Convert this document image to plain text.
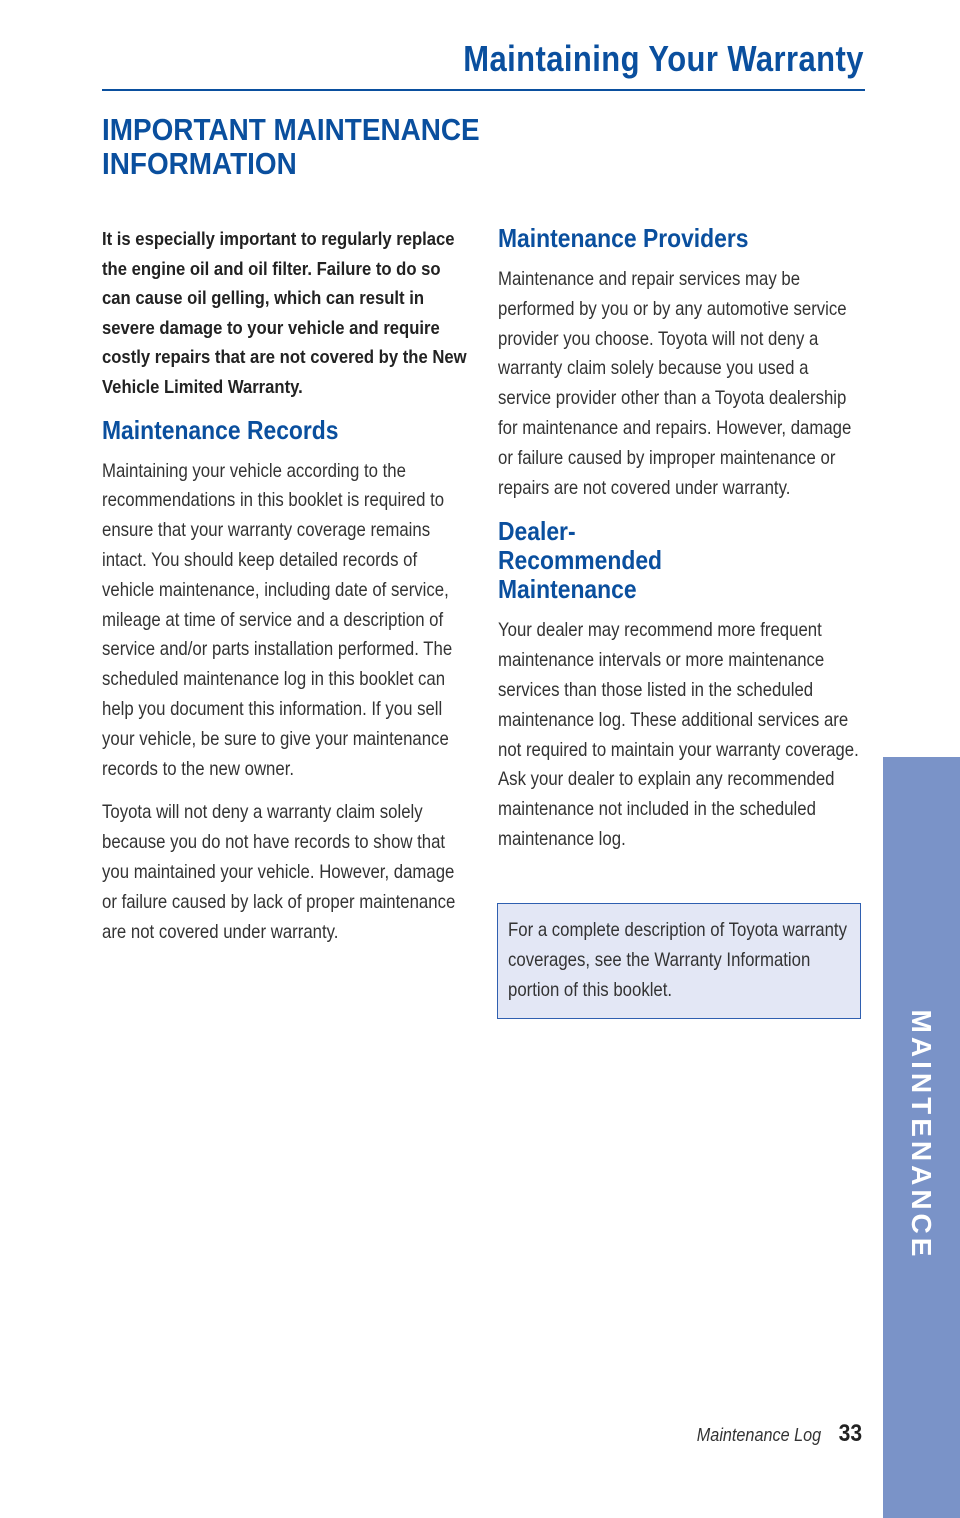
Maintaining Your Warranty
IMPORTANT MAINTENANCE
INFORMATION

It is especially important to regularly replace the engine oil and oil filter. Failure to do so can cause oil gelling, which can result in severe damage to your vehicle and require costly repairs that are not covered by the New Vehicle Limited Warranty.

Maintenance Records

Maintaining your vehicle according to the recommendations in this booklet is required to ensure that your warranty coverage remains intact. You should keep detailed records of vehicle maintenance, including date of service, mileage at time of service and a description of service and/or parts installation performed. The scheduled maintenance log in this booklet can help you document this information. If you sell your vehicle, be sure to give your maintenance records to the new owner.

Toyota will not deny a warranty claim solely because you do not have records to show that you maintained your vehicle. However, damage or failure caused by lack of proper maintenance are not covered under warranty.

Maintenance Providers

Maintenance and repair services may be performed by you or by any automotive service provider you choose. Toyota will not deny a warranty claim solely because you used a service provider other than a Toyota dealership for maintenance and repairs. However, damage or failure caused by improper maintenance or repairs are not covered under warranty.

Dealer-Recommended Maintenance

Your dealer may recommend more frequent maintenance intervals or more maintenance services than those listed in the scheduled maintenance log. These additional services are not required to maintain your warranty coverage. Ask your dealer to explain any recommended maintenance not included in the scheduled maintenance log.

For a complete description of Toyota warranty coverages, see the Warranty Information portion of this booklet.

MAINTENANCE
Maintenance Log 33
